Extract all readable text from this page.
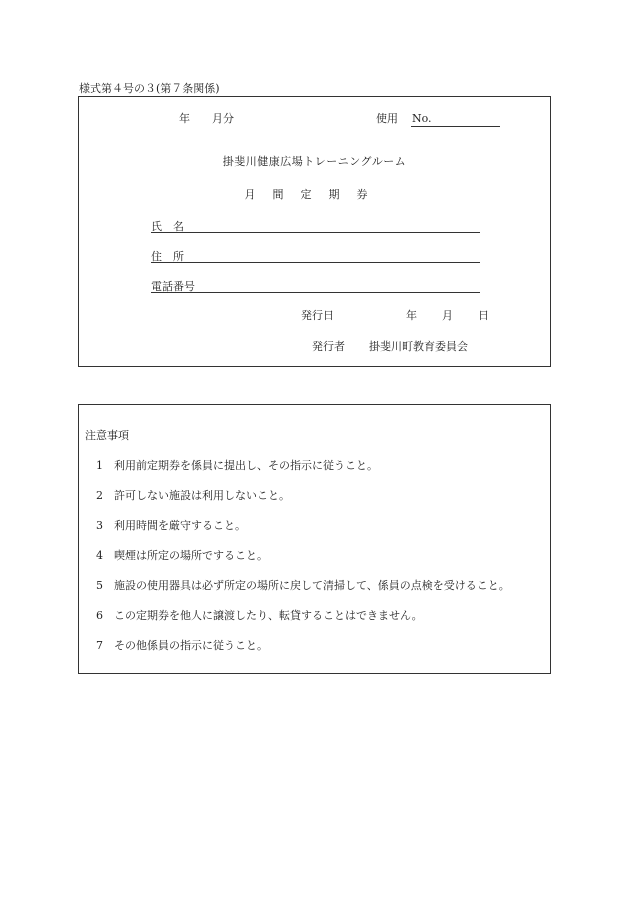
様式第４号の３(第７条関係)
年 月分	使用 No.
掛斐川健康広場トレーニングルーム
月間定期券
氏　名
住　所
電話番号
発行日	年 月 日
発行者 掛斐川町教育委員会
注意事項
1 利用前定期券を係員に提出し、その指示に従うこと。
2 許可しない施設は利用しないこと。
3 利用時間を厳守すること。
4 喫煙は所定の場所ですること。
5 施設の使用器具は必ず所定の場所に戻して清掃して、係員の点検を受けること。
6 この定期券を他人に譲渡したり、転貸することはできません。
7 その他係員の指示に従うこと。
